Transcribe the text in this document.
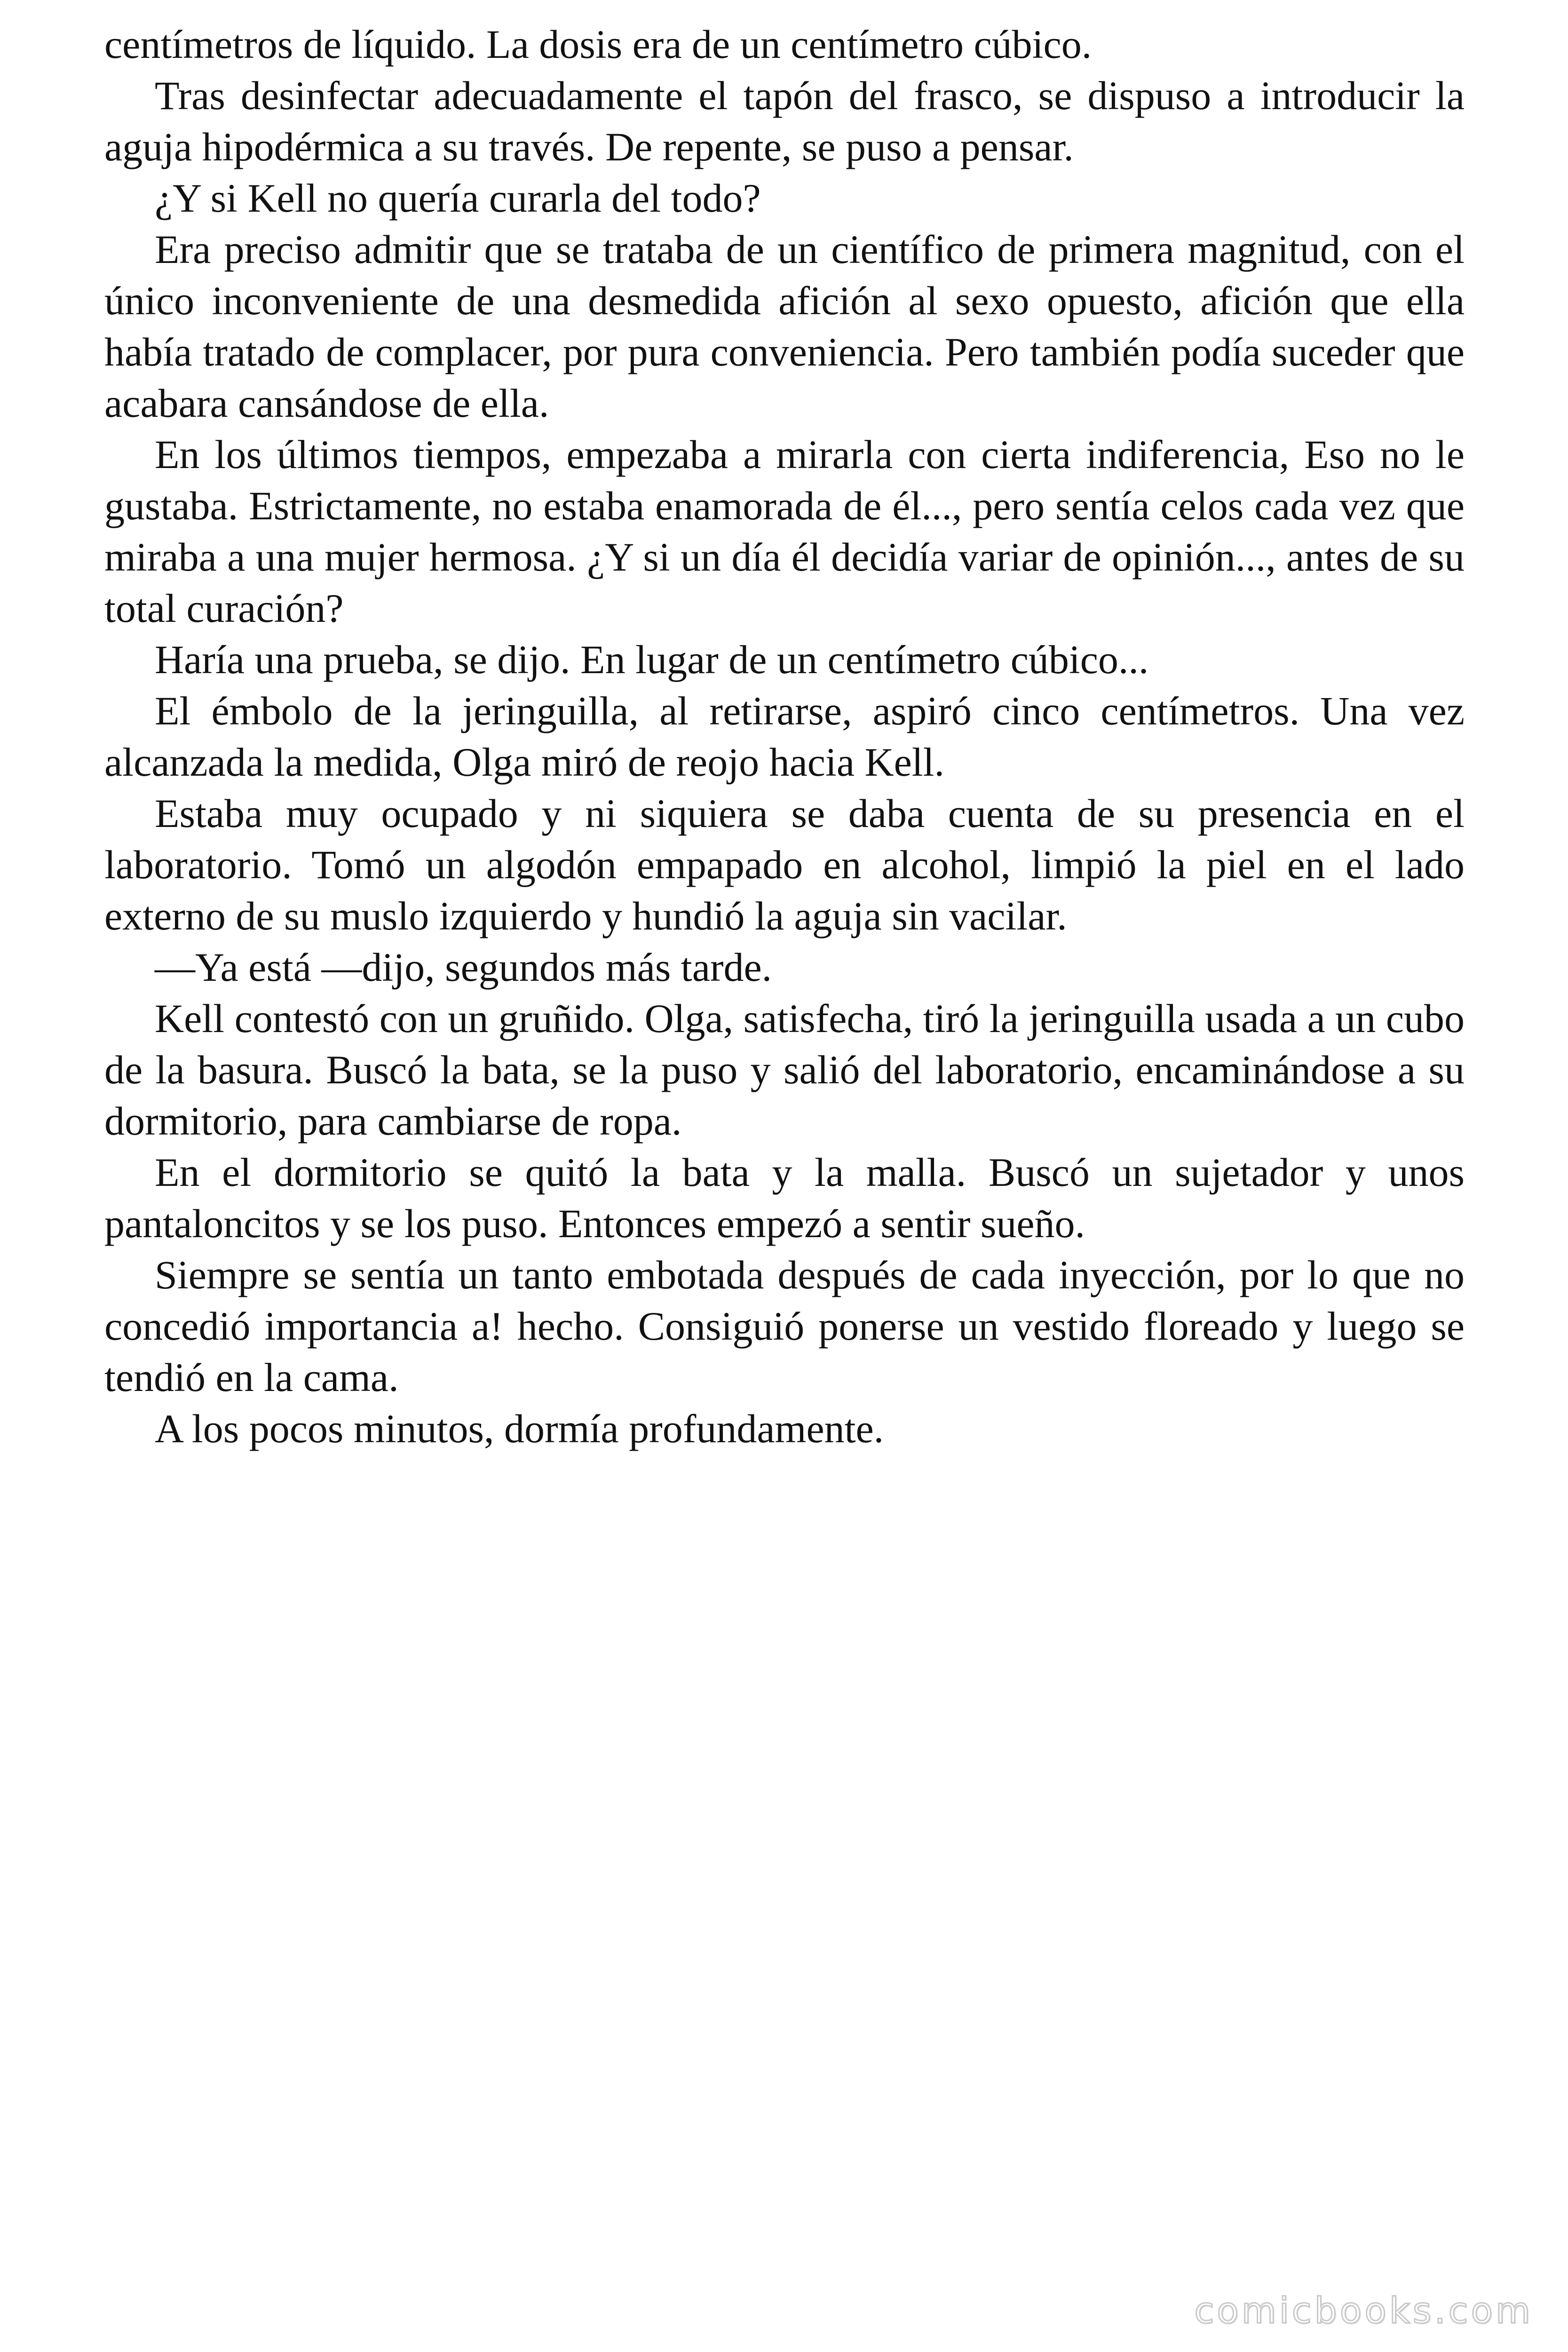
centímetros de líquido. La dosis era de un centímetro cúbico.

Tras desinfectar adecuadamente el tapón del frasco, se dispuso a introducir la aguja hipodérmica a su través. De repente, se puso a pensar.

¿Y si Kell no quería curarla del todo?

Era preciso admitir que se trataba de un científico de primera magnitud, con el único inconveniente de una desmedida afición al sexo opuesto, afición que ella había tratado de complacer, por pura conveniencia. Pero también podía suceder que acabara cansándose de ella.

En los últimos tiempos, empezaba a mirarla con cierta indiferencia, Eso no le gustaba. Estrictamente, no estaba enamorada de él..., pero sentía celos cada vez que miraba a una mujer hermosa. ¿Y si un día él decidía variar de opinión..., antes de su total curación?

Haría una prueba, se dijo. En lugar de un centímetro cúbico...

El émbolo de la jeringuilla, al retirarse, aspiró cinco centímetros. Una vez alcanzada la medida, Olga miró de reojo hacia Kell.

Estaba muy ocupado y ni siquiera se daba cuenta de su presencia en el laboratorio. Tomó un algodón empapado en alcohol, limpió la piel en el lado externo de su muslo izquierdo y hundió la aguja sin vacilar.

—Ya está —dijo, segundos más tarde.

Kell contestó con un gruñido. Olga, satisfecha, tiró la jeringuilla usada a un cubo de la basura. Buscó la bata, se la puso y salió del laboratorio, encaminándose a su dormitorio, para cambiarse de ropa.

En el dormitorio se quitó la bata y la malla. Buscó un sujetador y unos pantaloncitos y se los puso. Entonces empezó a sentir sueño.

Siempre se sentía un tanto embotada después de cada inyección, por lo que no concedió importancia a! hecho. Consiguió ponerse un vestido floreado y luego se tendió en la cama.

A los pocos minutos, dormía profundamente.

comicbooks.com
